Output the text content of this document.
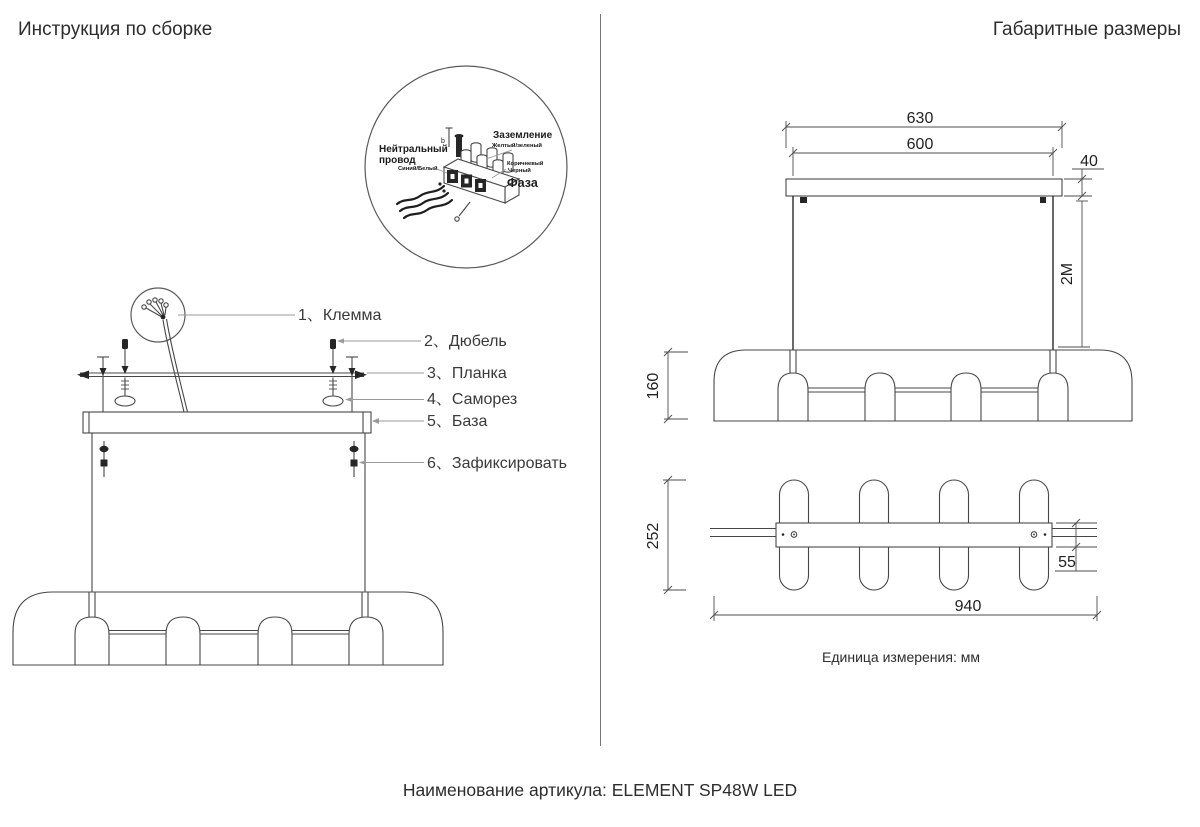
Инструкция по сборке	Габаритные размеры
Нейтральный
провод
Синий/Белый
b
Заземление
Желтый/зеленый
Коричневый
Черный
Фаза
1、Клемма
2、Дюбель
3、Планка
4、Саморез
5、База
6、Зафиксировать
630
600
40
2M
160
252
55
940
Единица измерения: мм
Наименование артикула: ELEMENT SP48W LED
